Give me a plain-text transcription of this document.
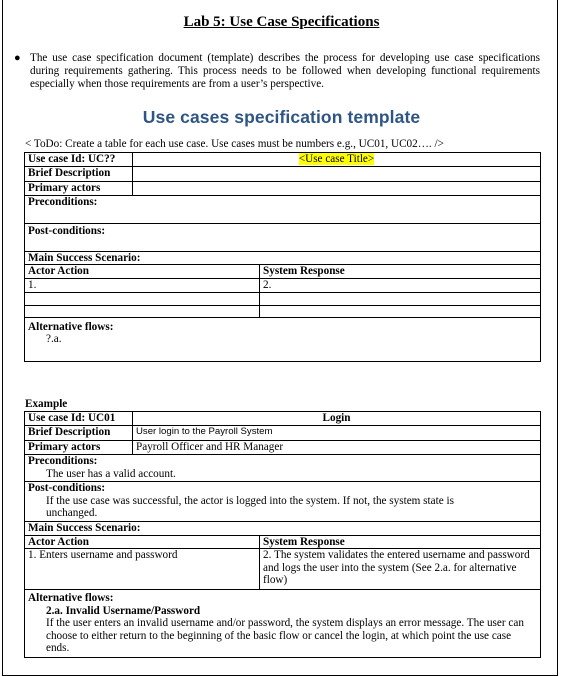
Lab 5: Use Case Specifications
● The use case specification document (template) describes the process for developing use case specifications during requirements gathering. This process needs to be followed when developing functional requirements especially when those requirements are from a user’s perspective.
Use cases specification template
< ToDo: Create a table for each use case. Use cases must be numbers e.g., UC01, UC02…. />
Use case Id: UC??	<Use case Title>	
Brief Description		
Primary actors		
Preconditions:		
Post-conditions:		
Main Success Scenario:		
Actor Action		System Response
1.		2.

Alternative flows:
?.a.		
Example
Use case Id: UC01	Login	
Brief Description	User login to the Payroll System	
Primary actors	Payroll Officer and HR Manager	
Preconditions:
The user has a valid account.		

Post-conditions:
If the use case was successful, the actor is logged into the system. If not, the system state is unchanged.		

Main Success Scenario:		
Actor Action		System Response
1. Enters username and password		2. The system validates the entered username and password and logs the user into the system (See 2.a. for alternative flow)
Alternative flows:
2.a. Invalid Username/Password
If the user enters an invalid username and/or password, the system displays an error message. The user can choose to either return to the beginning of the basic flow or cancel the login, at which point the use case ends.		
